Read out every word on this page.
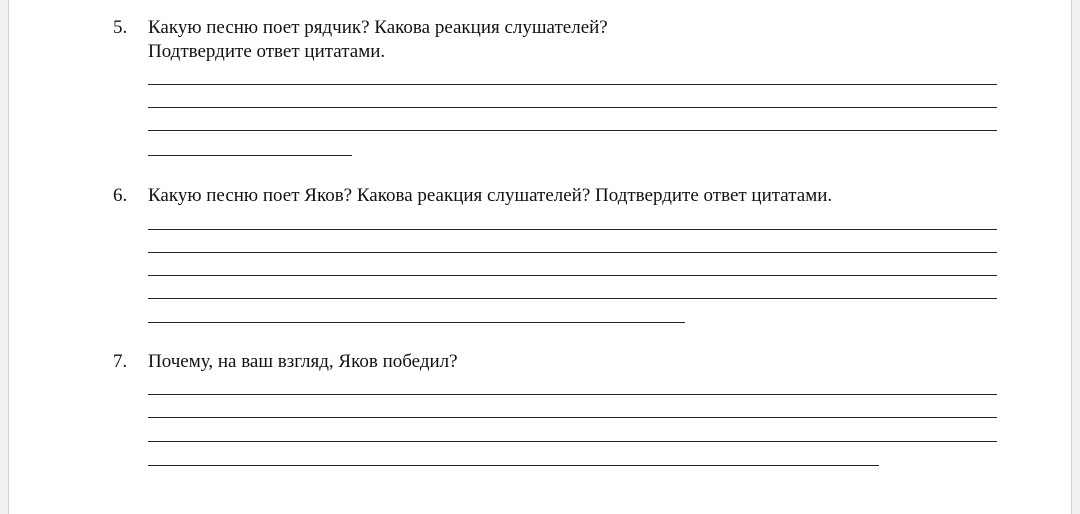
5. Какую песню поет рядчик? Какова реакция слушателей?
Подтвердите ответ цитатами.
6. Какую песню поет Яков? Какова реакция слушателей? Подтвердите ответ цитатами.
7. Почему, на ваш взгляд, Яков победил?
